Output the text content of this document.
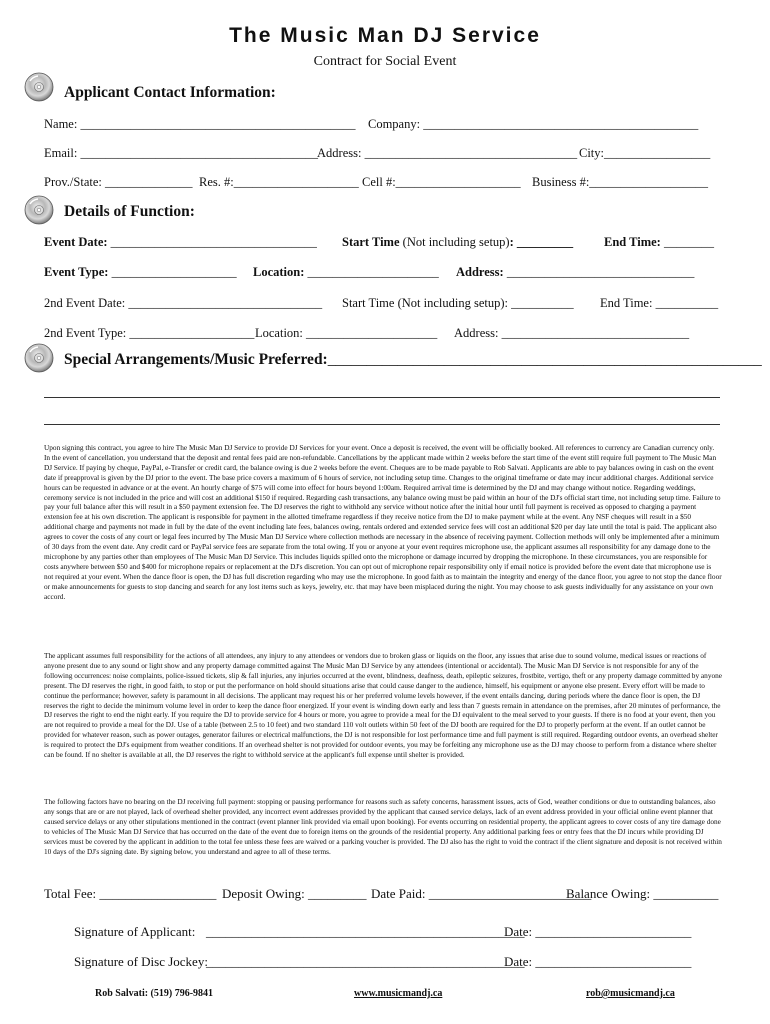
The Music Man DJ Service
Contract for Social Event
Applicant Contact Information:
Name: ____________________________________________ Company: ____________________________________________
Email: ______________________________________ Address: __________________________________ City:_________________
Prov./State: ______________ Res. #:____________________ Cell #:____________________ Business #:___________________
Details of Function:
Event Date: _________________________________ Start Time (Not including setup): _________ End Time: ________
Event Type: ____________________ Location: _____________________ Address: ______________________________
2nd Event Date: _______________________________ Start Time (Not including setup): __________ End Time: __________
2nd Event Type: ____________________ Location: _____________________ Address: ______________________________
Special Arrangements/Music Preferred:________________________________________________________
Upon signing this contract, you agree to hire The Music Man DJ Service to provide DJ Services for your event. Once a deposit is received, the event will be officially booked. All references to currency are Canadian currency only. In the event of cancellation, you understand that the deposit and rental fees paid are non-refundable. Cancellations by the applicant made within 2 weeks before the start time of the event still require full payment to The Music Man DJ Service. If paying by cheque, PayPal, e-Transfer or credit card, the balance owing is due 2 weeks before the event. Cheques are to be made payable to Rob Salvati. Applicants are able to pay balances owing in cash on the event date if preapproval is given by the DJ prior to the event. The base price covers a maximum of 6 hours of service, not including setup time. Changes to the original timeframe or date may incur additional charges. Additional service hours can be requested in advance or at the event. An hourly charge of $75 will come into effect for hours beyond 1:00am. Required arrival time is determined by the DJ and may change without notice. Regarding weddings, ceremony service is not included in the price and will cost an additional $150 if required. Regarding cash transactions, any balance owing must be paid within an hour of the DJ's official start time, not including setup time. Failure to pay your full balance after this will result in a $50 payment extension fee. The DJ reserves the right to withhold any service without notice after the initial hour until full payment is received as opposed to charging a payment extension fee at his own discretion. The applicant is responsible for payment in the allotted timeframe regardless if they receive notice from the DJ to make payment while at the event. Any NSF cheques will result in a $50 additional charge and payments not made in full by the date of the event including late fees, balances owing, rentals ordered and extended service fees will cost an additional $20 per day late until the total is paid. The applicant also agrees to cover the costs of any court or legal fees incurred by The Music Man DJ Service where collection methods are necessary in the absence of receiving payment. Collection methods will only be implemented after a minimum of 30 days from the event date. Any credit card or PayPal service fees are separate from the total owing. If you or anyone at your event requires microphone use, the applicant assumes all responsibility for any damage done to the microphone by any parties other than employees of The Music Man DJ Service. This includes liquids spilled onto the microphone or damage incurred by dropping the microphone. In these circumstances, you are responsible for costs anywhere between $50 and $400 for microphone repairs or replacement at the DJ's discretion. You can opt out of microphone repair responsibility only if email notice is provided before the event date that microphone use is not required at your event. When the dance floor is open, the DJ has full discretion regarding who may use the microphone. In good faith as to maintain the integrity and energy of the dance floor, you agree to not stop the dance floor or make announcements for guests to stop dancing and search for any lost items such as keys, jewelry, etc. that may have been misplaced during the night. You may choose to ask guests individually for any assistance on your own accord.
The applicant assumes full responsibility for the actions of all attendees, any injury to any attendees or vendors due to broken glass or liquids on the floor, any issues that arise due to sound volume, medical issues or reactions of anyone present due to any sound or light show and any property damage committed against The Music Man DJ Service by any attendees (intentional or accidental). The Music Man DJ Service is not responsible for any of the following occurrences: noise complaints, police-issued tickets, slip & fall injuries, any injuries occurred at the event, blindness, deafness, death, epileptic seizures, frostbite, vertigo, theft or any property damage committed by anyone present. The DJ reserves the right, in good faith, to stop or put the performance on hold should situations arise that could cause danger to the audience, himself, his equipment or anyone else present. Every effort will be made to continue the performance; however, safety is paramount in all decisions. The applicant may request his or her preferred volume levels however, if the event entails dancing, during periods where the dance floor is open, the DJ reserves the right to decide the minimum volume level in order to keep the dance floor energized. If your event is winding down early and less than 7 guests remain in attendance on the premises, after 20 minutes of performance, the DJ reserves the right to end the night early. If you require the DJ to provide service for 4 hours or more, you agree to provide a meal for the DJ equivalent to the meal served to your guests. If there is no food at your event, then you are not required to provide a meal for the DJ. Use of a table (between 2.5 to 10 feet) and two standard 110 volt outlets within 50 feet of the DJ booth are required for the DJ to properly perform at the event. If an outlet cannot be provided for whatever reason, such as power outages, generator failures or electrical malfunctions, the DJ is not responsible for lost performance time and full payment is still required. Regarding outdoor events, an overhead shelter is required to protect the DJ's equipment from weather conditions. If an overhead shelter is not provided for outdoor events, you may be forfeiting any microphone use as the DJ may choose to perform from a distance where shelter can be found. If no shelter is available at all, the DJ reserves the right to withhold service at the applicant's full expense until shelter is provided.
The following factors have no bearing on the DJ receiving full payment: stopping or pausing performance for reasons such as safety concerns, harassment issues, acts of God, weather conditions or due to outstanding balances, also any songs that are or are not played, lack of overhead shelter provided, any incorrect event addresses provided by the applicant that caused service delays, lack of an event address provided in your official online event planner that caused service delays or any other stipulations mentioned in the contract (event planner link provided via email upon booking). For events occurring on residential property, the applicant agrees to cover costs of any tire damage done to vehicles of The Music Man DJ Service that has occurred on the date of the event due to foreign items on the grounds of the residential property. Any additional parking fees or entry fees that the DJ incurs while providing DJ services must be covered by the applicant in addition to the total fee unless these fees are waived or a parking voucher is provided. The DJ also has the right to void the contract if the client signature and deposit is not received within 10 days of the DJ's signing date. By signing below, you understand and agree to all of these terms.
Total Fee: __________________ Deposit Owing: _________ Date Paid: _________________________
Balance Owing: __________
Signature of Applicant: _________________________________________________
Date: ________________________
Signature of Disc Jockey:
_________________________________________________
Date: ________________________
Rob Salvati: (519) 796-9841	www.musicmandj.ca	rob@musicmandj.ca
